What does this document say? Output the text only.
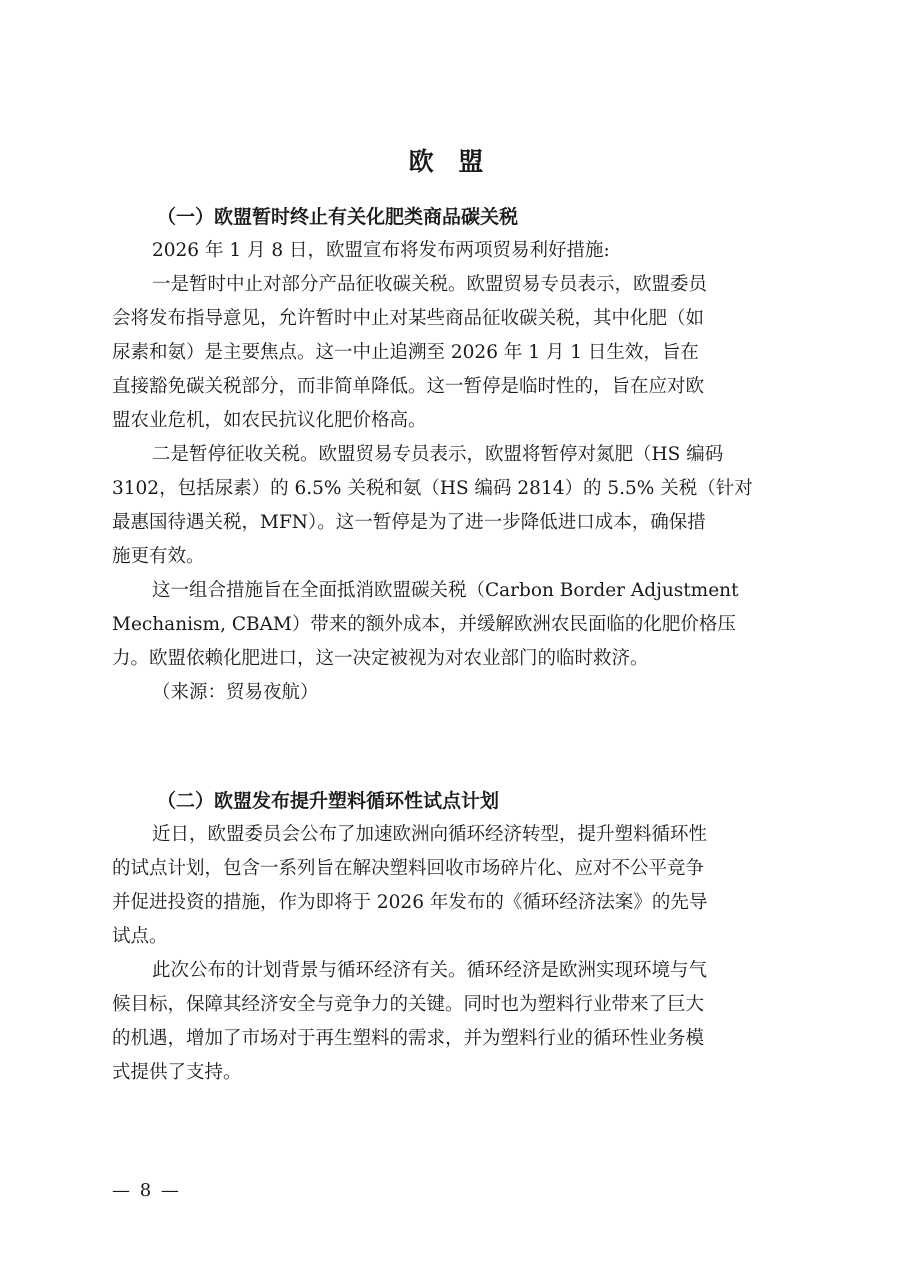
欧 盟
（一）欧盟暂时终止有关化肥类商品碳关税

2026 年 1 月 8 日，欧盟宣布将发布两项贸易利好措施:

一是暂时中止对部分产品征收碳关税。欧盟贸易专员表示，欧盟委员
会将发布指导意见，允许暂时中止对某些商品征收碳关税，其中化肥（如
尿素和氨）是主要焦点。这一中止追溯至 2026 年 1 月 1 日生效，旨在
直接豁免碳关税部分，而非简单降低。这一暂停是临时性的，旨在应对欧
盟农业危机，如农民抗议化肥价格高。

二是暂停征收关税。欧盟贸易专员表示，欧盟将暂停对氮肥（HS 编码
3102，包括尿素）的 6.5% 关税和氨（HS 编码 2814）的 5.5% 关税（针对
最惠国待遇关税，MFN）。这一暂停是为了进一步降低进口成本，确保措
施更有效。

这一组合措施旨在全面抵消欧盟碳关税（Carbon Border Adjustment
Mechanism, CBAM）带来的额外成本，并缓解欧洲农民面临的化肥价格压
力。欧盟依赖化肥进口，这一决定被视为对农业部门的临时救济。

（来源：贸易夜航）

（二）欧盟发布提升塑料循环性试点计划

近日，欧盟委员会公布了加速欧洲向循环经济转型，提升塑料循环性
的试点计划，包含一系列旨在解决塑料回收市场碎片化、应对不公平竞争
并促进投资的措施，作为即将于 2026 年发布的《循环经济法案》的先导
试点。

此次公布的计划背景与循环经济有关。循环经济是欧洲实现环境与气
候目标，保障其经济安全与竞争力的关键。同时也为塑料行业带来了巨大
的机遇，增加了市场对于再生塑料的需求，并为塑料行业的循环性业务模
式提供了支持。

— 8 —
